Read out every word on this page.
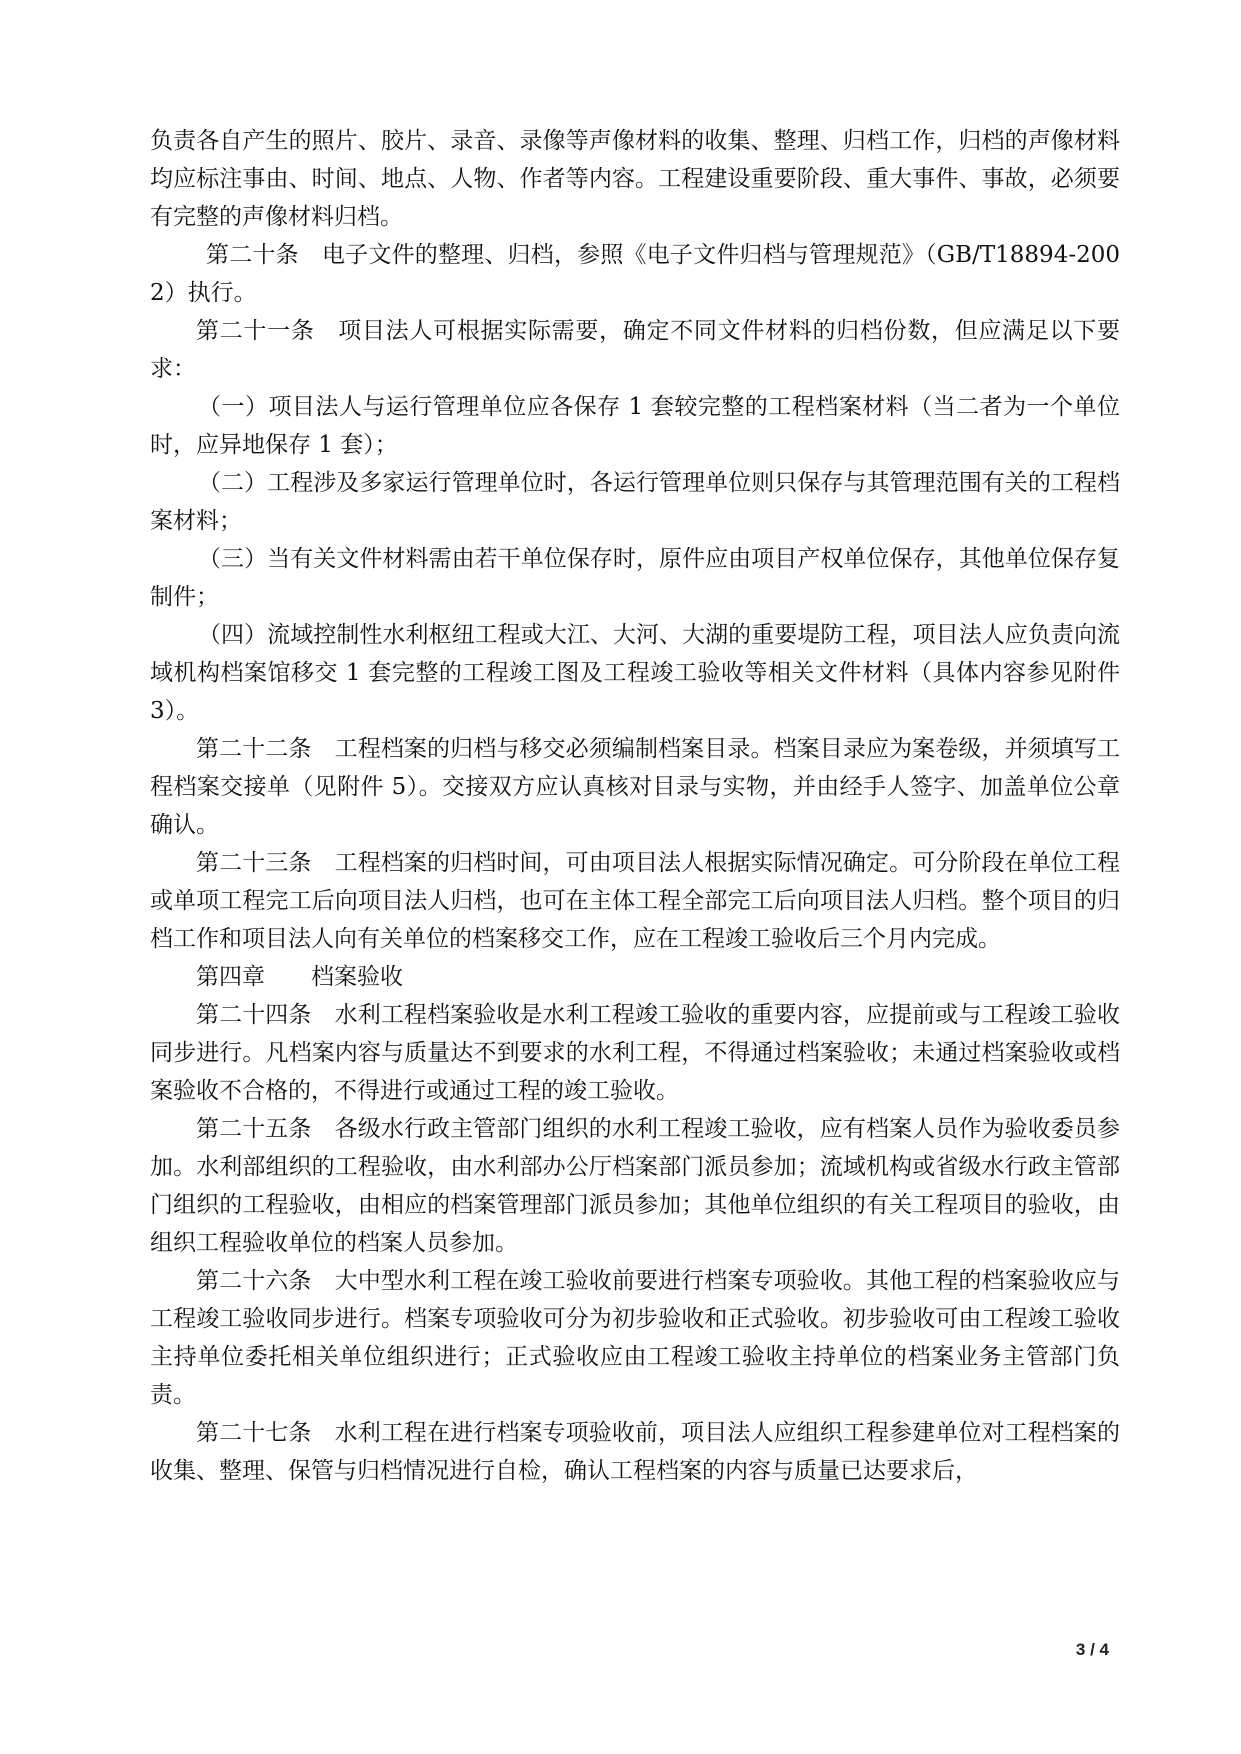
负责各自产生的照片、胶片、录音、录像等声像材料的收集、整理、归档工作，归档的声像材料均应标注事由、时间、地点、人物、作者等内容。工程建设重要阶段、重大事件、事故，必须要有完整的声像材料归档。

第二十条　电子文件的整理、归档，参照《电子文件归档与管理规范》（GB/T18894-2002）执行。

第二十一条　项目法人可根据实际需要，确定不同文件材料的归档份数，但应满足以下要求：

（一）项目法人与运行管理单位应各保存 1 套较完整的工程档案材料（当二者为一个单位时，应异地保存 1 套）；

（二）工程涉及多家运行管理单位时，各运行管理单位则只保存与其管理范围有关的工程档案材料；

（三）当有关文件材料需由若干单位保存时，原件应由项目产权单位保存，其他单位保存复制件；

（四）流域控制性水利枢纽工程或大江、大河、大湖的重要堤防工程，项目法人应负责向流域机构档案馆移交 1 套完整的工程竣工图及工程竣工验收等相关文件材料（具体内容参见附件 3）。

第二十二条　工程档案的归档与移交必须编制档案目录。档案目录应为案卷级，并须填写工程档案交接单（见附件 5）。交接双方应认真核对目录与实物，并由经手人签字、加盖单位公章确认。

第二十三条　工程档案的归档时间，可由项目法人根据实际情况确定。可分阶段在单位工程或单项工程完工后向项目法人归档，也可在主体工程全部完工后向项目法人归档。整个项目的归档工作和项目法人向有关单位的档案移交工作，应在工程竣工验收后三个月内完成。

第四章 档案验收

第二十四条　水利工程档案验收是水利工程竣工验收的重要内容，应提前或与工程竣工验收同步进行。凡档案内容与质量达不到要求的水利工程，不得通过档案验收；未通过档案验收或档案验收不合格的，不得进行或通过工程的竣工验收。

第二十五条　各级水行政主管部门组织的水利工程竣工验收，应有档案人员作为验收委员参加。水利部组织的工程验收，由水利部办公厅档案部门派员参加；流域机构或省级水行政主管部门组织的工程验收，由相应的档案管理部门派员参加；其他单位组织的有关工程项目的验收，由组织工程验收单位的档案人员参加。

第二十六条　大中型水利工程在竣工验收前要进行档案专项验收。其他工程的档案验收应与工程竣工验收同步进行。档案专项验收可分为初步验收和正式验收。初步验收可由工程竣工验收主持单位委托相关单位组织进行；正式验收应由工程竣工验收主持单位的档案业务主管部门负责。

第二十七条　水利工程在进行档案专项验收前，项目法人应组织工程参建单位对工程档案的收集、整理、保管与归档情况进行自检，确认工程档案的内容与质量已达要求后，

3 / 4
